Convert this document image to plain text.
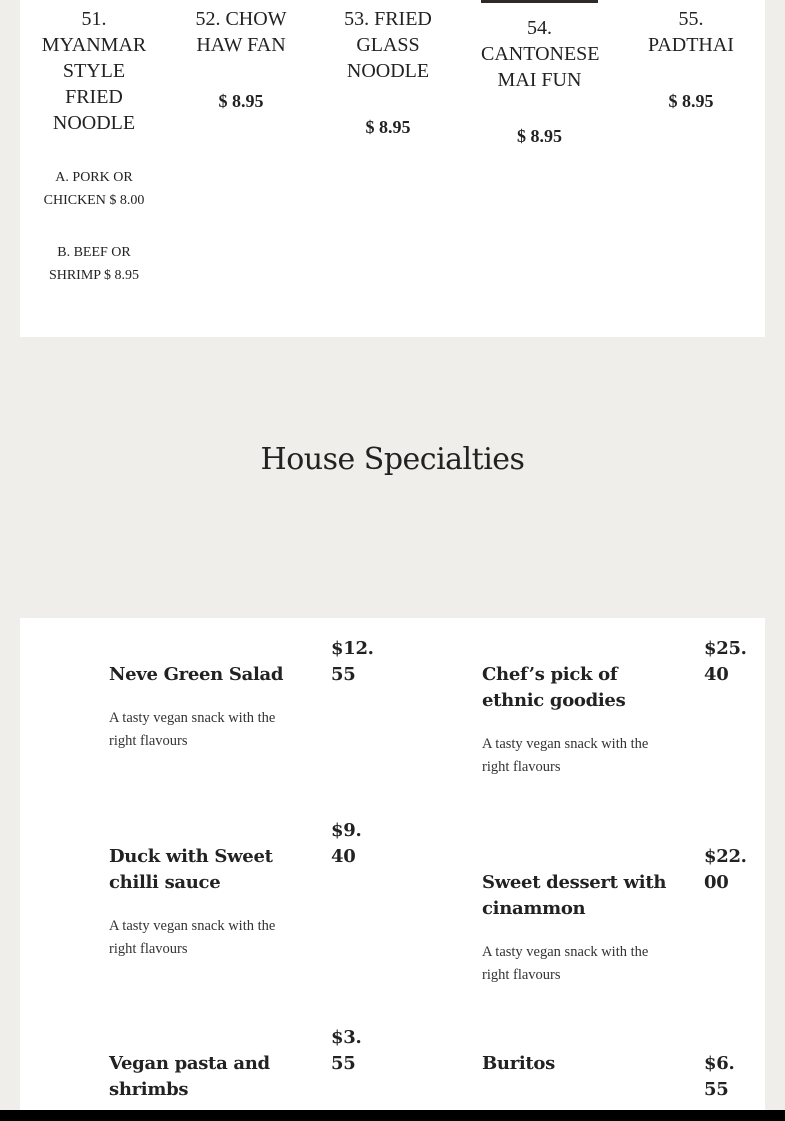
51. MYANMAR STYLE FRIED NOODLE
A. PORK OR CHICKEN $ 8.00
B. BEEF OR SHRIMP $ 8.95
52. CHOW HAW FAN
$ 8.95
53. FRIED GLASS NOODLE
$ 8.95
54. CANTONESE MAI FUN
$ 8.95
55. PADTHAI
$ 8.95
House Specialties
Neve Green Salad
A tasty vegan snack with the right flavours
$12.55	Chef’s pick of ethnic goodies
A tasty vegan snack with the right flavours
$25.40
Duck with Sweet chilli sauce
A tasty vegan snack with the right flavours
$9.40
Sweet dessert with cinammon
A tasty vegan snack with the right flavours
$22.00
Vegan pasta and shrimbs
$3.55	Buritos	$6.55
